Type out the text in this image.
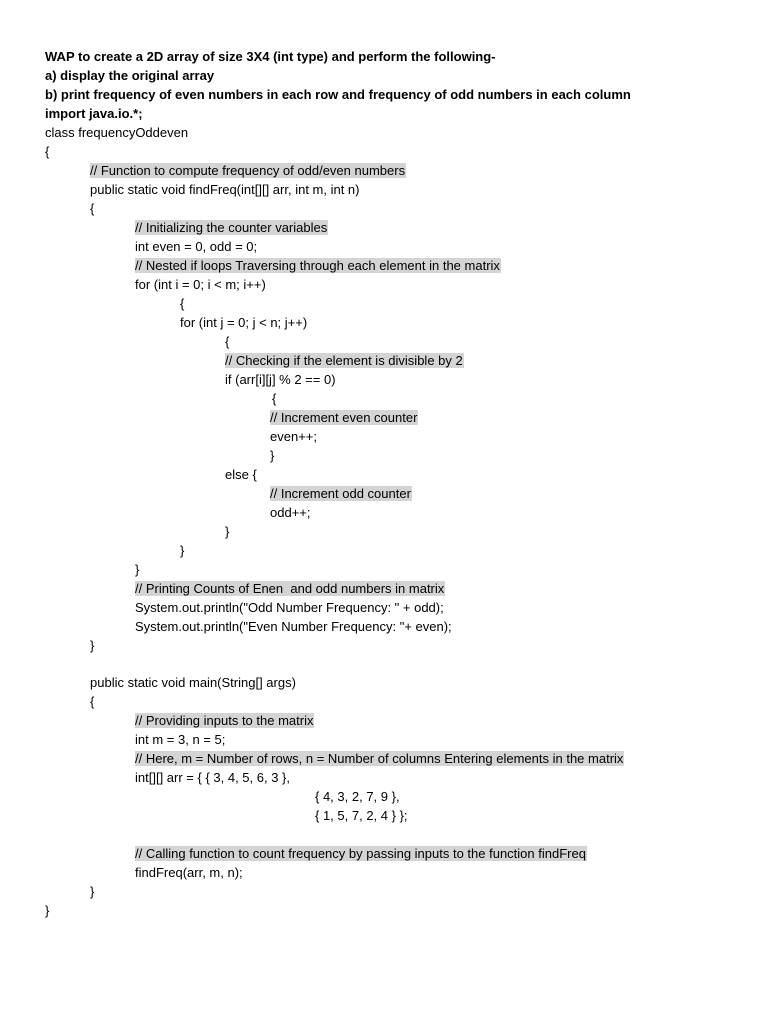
WAP to create a 2D array of size 3X4 (int type) and perform the following-
a) display the original array
b) print frequency of even numbers in each row and frequency of odd numbers in each column
import java.io.*;
class frequencyOddeven
{
// Function to compute frequency of odd/even numbers
public static void findFreq(int[][] arr, int m, int n)
{
// Initializing the counter variables
int even = 0, odd = 0;
// Nested if loops Traversing through each element in the matrix
for (int i = 0; i < m; i++)
{
for (int j = 0; j < n; j++)
{
// Checking if the element is divisible by 2
if (arr[i][j] % 2 == 0)
{
// Increment even counter
even++;
}
else {
// Increment odd counter
odd++;
}
}
}
// Printing Counts of Enen  and odd numbers in matrix
System.out.println("Odd Number Frequency: " + odd);
System.out.println("Even Number Frequency: "+ even);
}
public static void main(String[] args)
{
// Providing inputs to the matrix
int m = 3, n = 5;
// Here, m = Number of rows, n = Number of columns Entering elements in the matrix
int[][] arr = { { 3, 4, 5, 6, 3 },
{ 4, 3, 2, 7, 9 },
{ 1, 5, 7, 2, 4 } };
// Calling function to count frequency by passing inputs to the function findFreq
findFreq(arr, m, n);
}
}
